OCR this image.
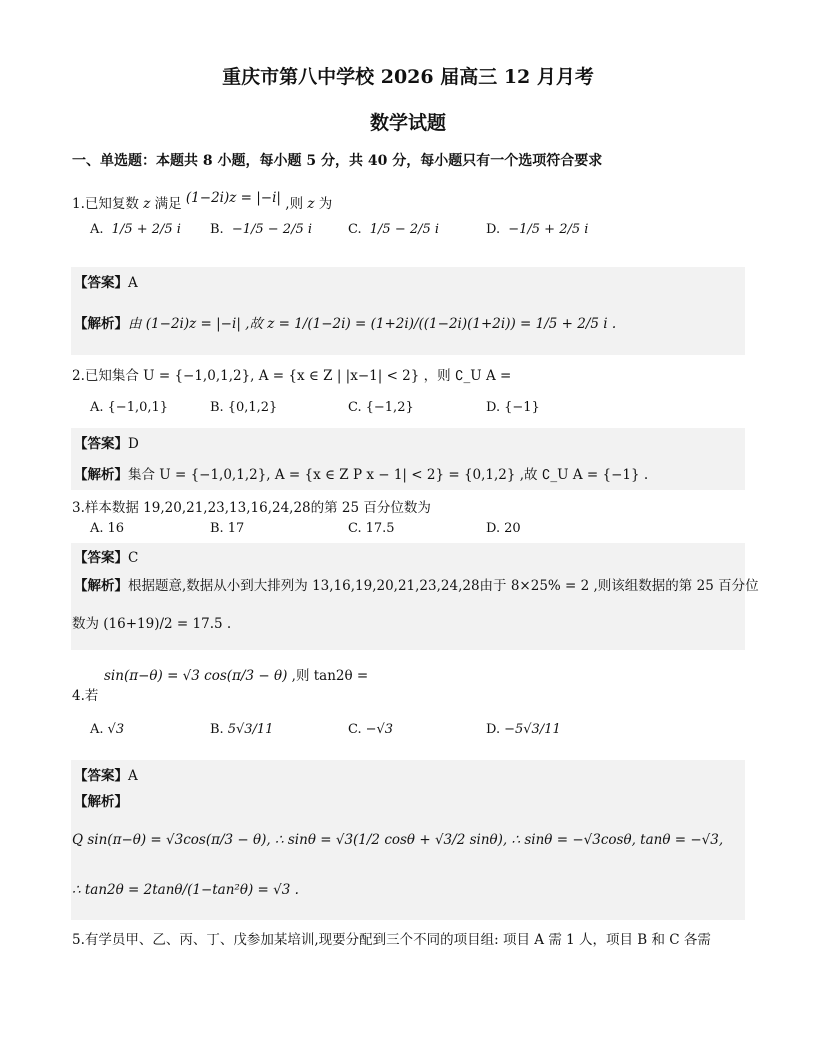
重庆市第八中学校 2026 届高三 12 月月考
数学试题
一、单选题：本题共 8 小题，每小题 5 分，共 40 分，每小题只有一个选项符合要求
1.已知复数 z 满足 (1−2i)z = |−i| ,则 z 为
A. 1/5 + 2/5 i B. −1/5 − 2/5 i	C. 1/5 − 2/5 i	D. −1/5 + 2/5 i
【答案】A
【解析】由 (1−2i)z = |−i| ,故 z = 1/(1−2i) = (1+2i)/((1−2i)(1+2i)) = 1/5 + 2/5 i .
2.已知集合 U = {−1,0,1,2}, A = {x ∈ Z | |x−1| < 2} ，则 ∁_U A =
A. {−1,0,1}	B. {0,1,2}	C. {−1,2}	D. {−1}
【答案】D
【解析】集合 U = {−1,0,1,2}, A = {x ∈ Z P x − 1| < 2} = {0,1,2} ,故 ∁_U A = {−1} .
3.样本数据 19,20,21,23,13,16,24,28的第 25 百分位数为
A. 16	B. 17	C. 17.5	D. 20
【答案】C
【解析】根据题意,数据从小到大排列为 13,16,19,20,21,23,24,28由于 8×25% = 2 ,则该组数据的第 25 百分位
数为 (16+19)/2 = 17.5 .
sin(π−θ) = √3 cos(π/3 − θ) ,则 tan2θ =
4.若
A. √3	B. 5√3/11	C. −√3	D. −5√3/11
【答案】A
【解析】
Q sin(π−θ) = √3cos(π/3 − θ), ∴ sinθ = √3(1/2 cosθ + √3/2 sinθ), ∴ sinθ = −√3cosθ, tanθ = −√3,
∴ tan2θ = 2tanθ/(1−tan²θ) = √3 .
5.有学员甲、乙、丙、丁、戊参加某培训,现要分配到三个不同的项目组: 项目 A 需 1 人，项目 B 和 C 各需
